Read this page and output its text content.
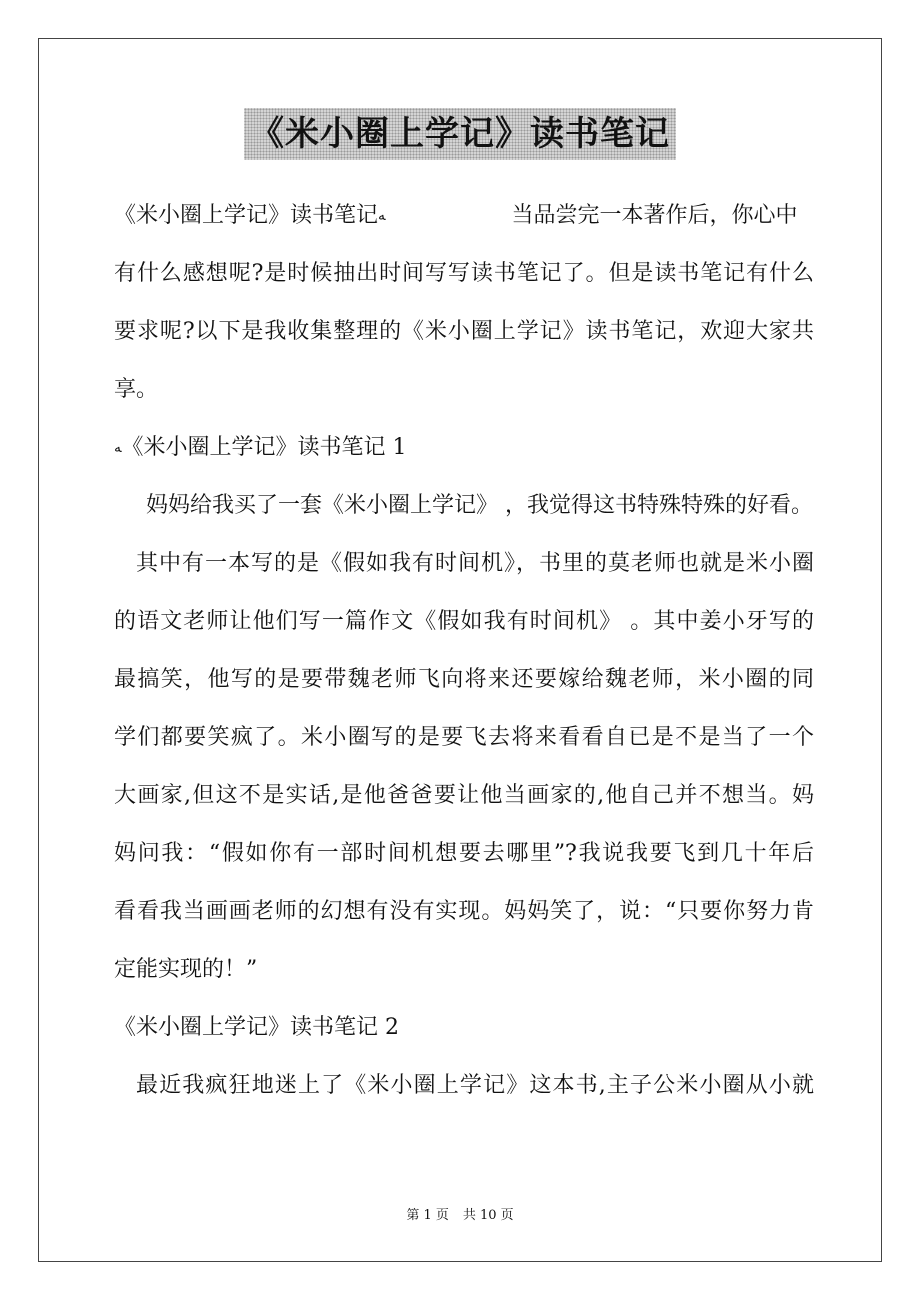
《米小圈上学记》读书笔记
《米小圈上学记》读书笔记ﻪ	当品尝完一本著作后，你心中
有什么感想呢?是时候抽出时间写写读书笔记了。但是读书笔记有什么
要求呢?以下是我收集整理的《米小圈上学记》读书笔记，欢迎大家共
享。
ﻪ《米小圈上学记》读书笔记 1
妈妈给我买了一套《米小圈上学记》 ，我觉得这书特殊特殊的好看。
其中有一本写的是《假如我有时间机》，书里的莫老师也就是米小圈
的语文老师让他们写一篇作文《假如我有时间机》 。其中姜小牙写的
最搞笑，他写的是要带魏老师飞向将来还要嫁给魏老师，米小圈的同
学们都要笑疯了。米小圈写的是要飞去将来看看自已是不是当了一个
大画家,但这不是实话,是他爸爸要让他当画家的,他自己并不想当。妈
妈问我：“假如你有一部时间机想要去哪里”?我说我要飞到几十年后
看看我当画画老师的幻想有没有实现。妈妈笑了，说：“只要你努力肯
定能实现的！”
《米小圈上学记》读书笔记 2
最近我疯狂地迷上了《米小圈上学记》这本书,主子公米小圈从小就
第 1 页 共 10 页
